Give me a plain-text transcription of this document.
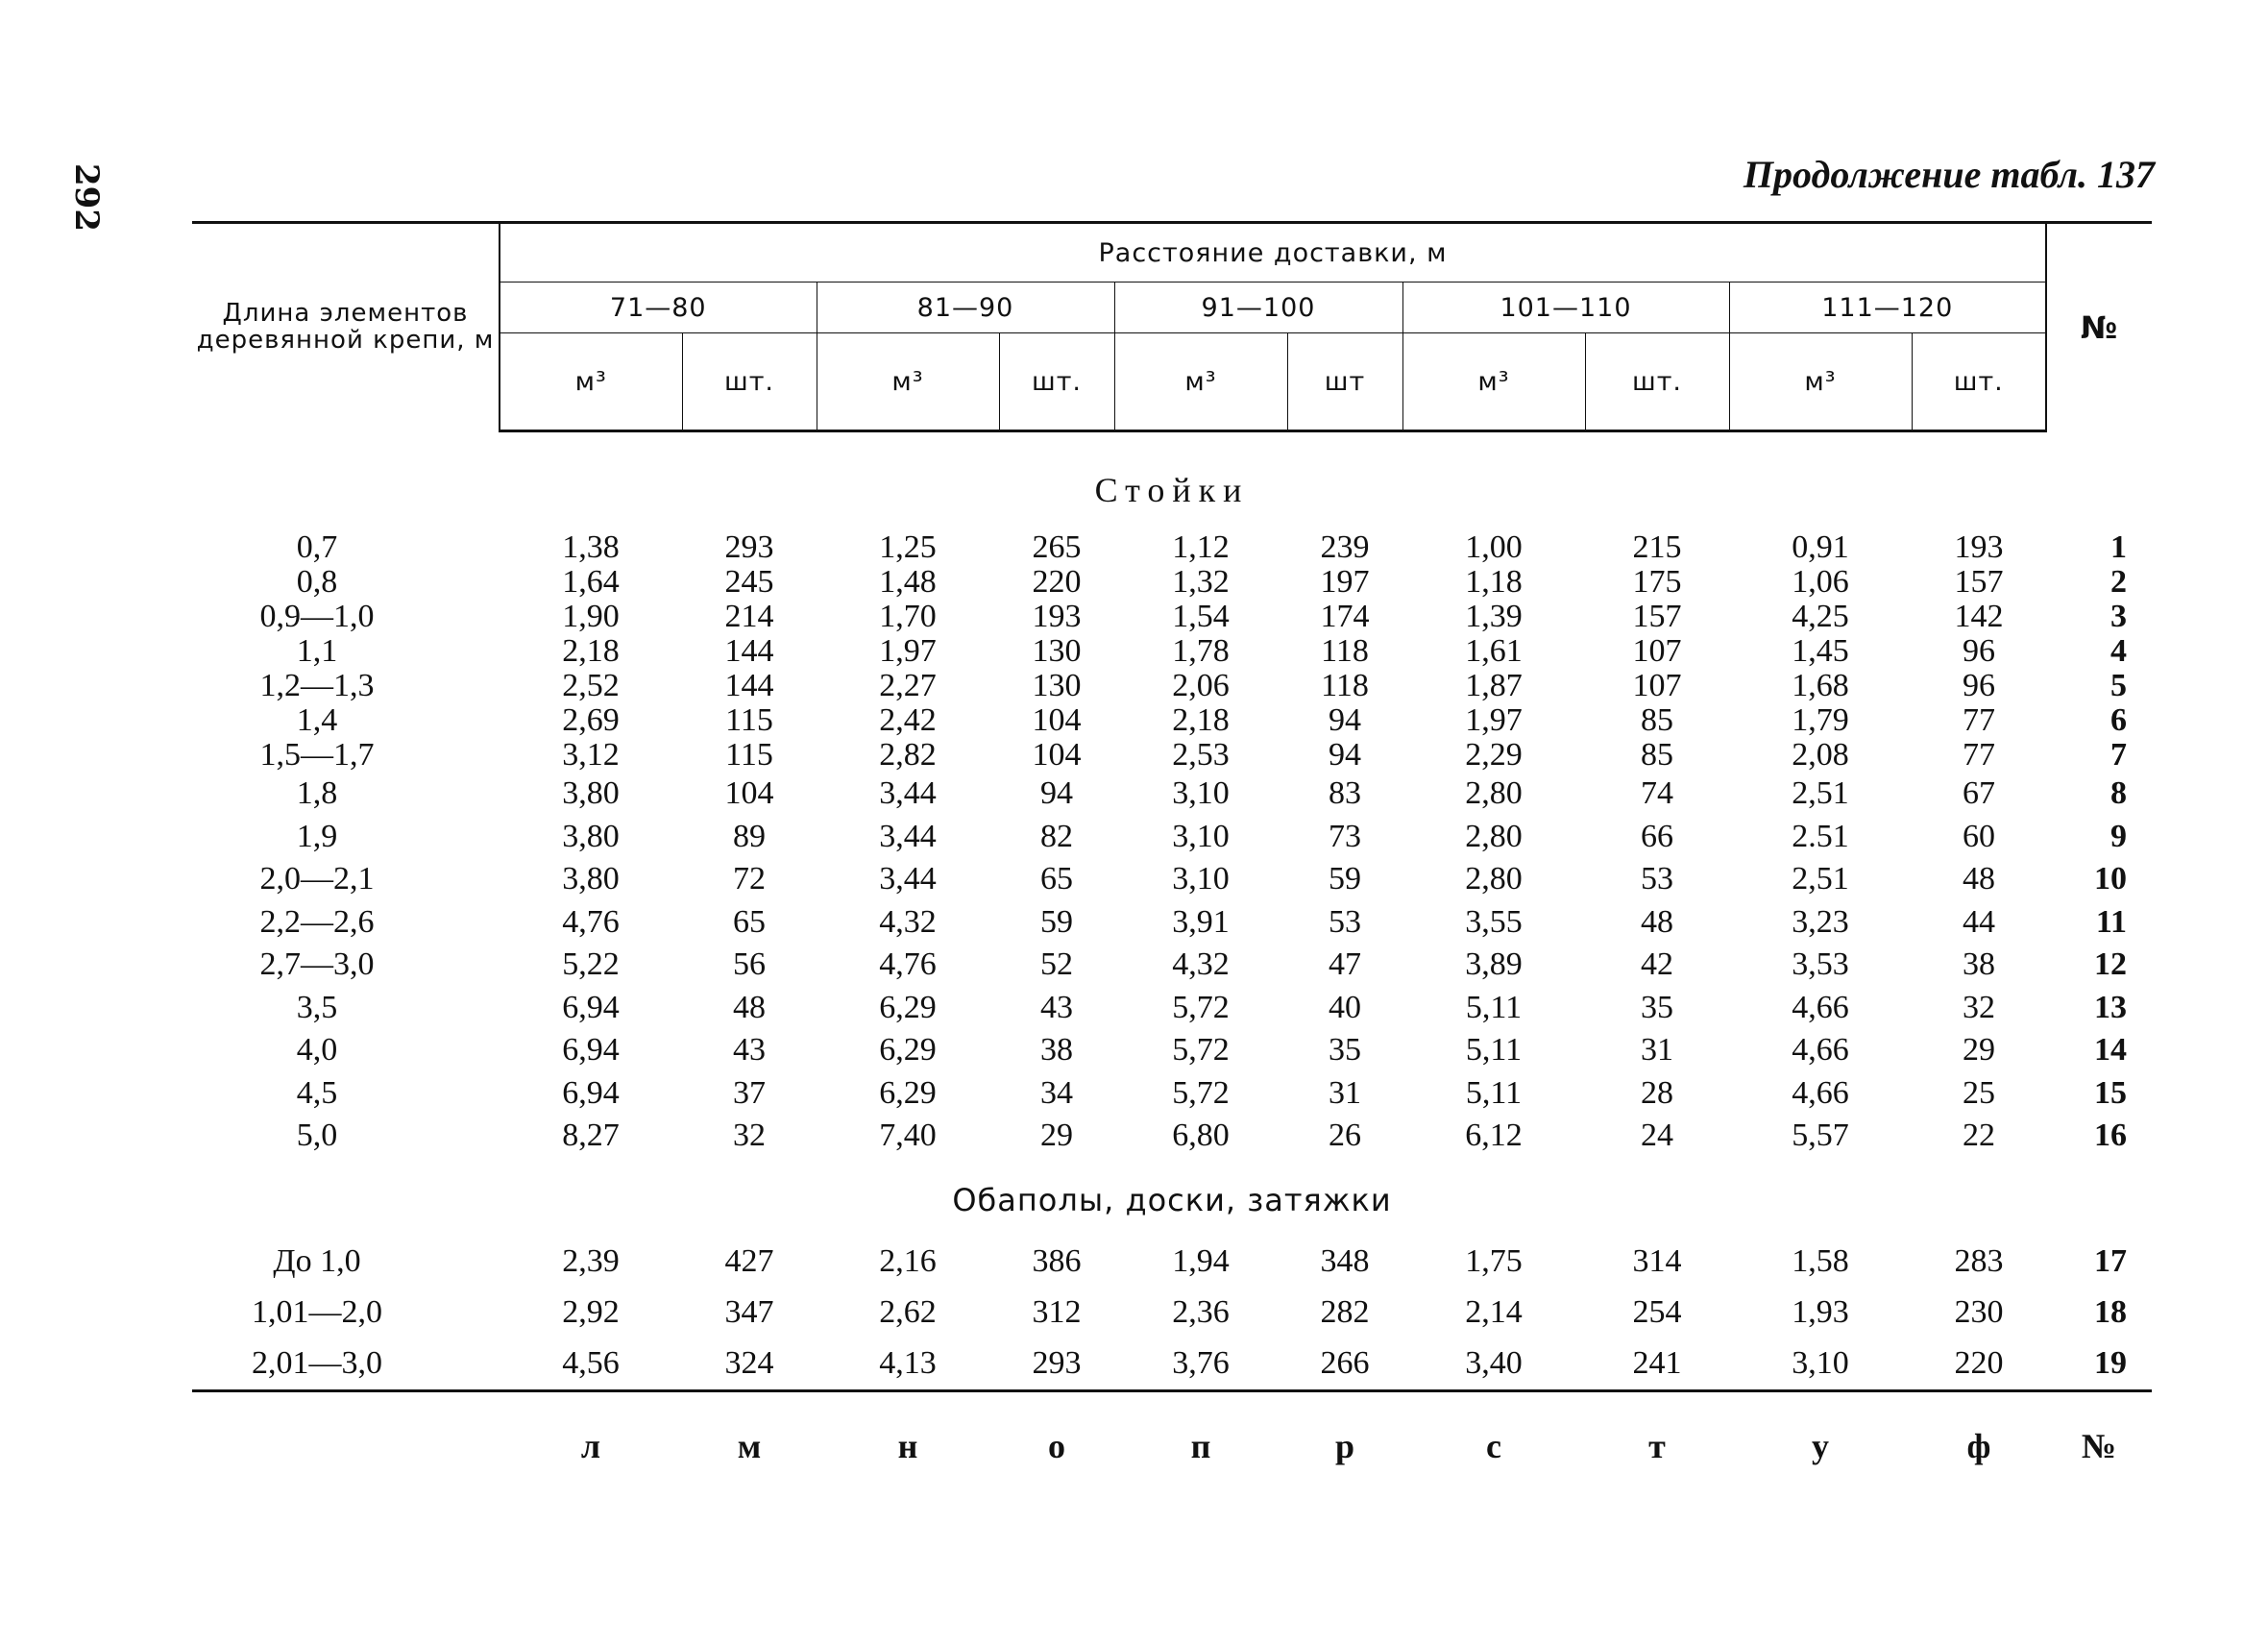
292	Продолжение табл. 137
Длина элементов деревянной крепи, м	Расстояние доставки, м										№
	71—80		81—90		91—100		101—110		111—120		
	м³	шт.	м³	шт.	м³	шт	м³	шт.	м³	шт.	
Стойки											
0,7	1,38	293	1,25	265	1,12	239	1,00	215	0,91	193	1
0,8	1,64	245	1,48	220	1,32	197	1,18	175	1,06	157	2
0,9—1,0	1,90	214	1,70	193	1,54	174	1,39	157	4,25	142	3
1,1	2,18	144	1,97	130	1,78	118	1,61	107	1,45	96	4
1,2—1,3	2,52	144	2,27	130	2,06	118	1,87	107	1,68	96	5
1,4	2,69	115	2,42	104	2,18	94	1,97	85	1,79	77	6
1,5—1,7	3,12	115	2,82	104	2,53	94	2,29	85	2,08	77	7
1,8	3,80	104	3,44	94	3,10	83	2,80	74	2,51	67	8
1,9	3,80	89	3,44	82	3,10	73	2,80	66	2.51	60	9
2,0—2,1	3,80	72	3,44	65	3,10	59	2,80	53	2,51	48	10
2,2—2,6	4,76	65	4,32	59	3,91	53	3,55	48	3,23	44	11
2,7—3,0	5,22	56	4,76	52	4,32	47	3,89	42	3,53	38	12
3,5	6,94	48	6,29	43	5,72	40	5,11	35	4,66	32	13
4,0	6,94	43	6,29	38	5,72	35	5,11	31	4,66	29	14
4,5	6,94	37	6,29	34	5,72	31	5,11	28	4,66	25	15
5,0	8,27	32	7,40	29	6,80	26	6,12	24	5,57	22	16
Обаполы, доски, затяжки											
До 1,0	2,39	427	2,16	386	1,94	348	1,75	314	1,58	283	17
1,01—2,0	2,92	347	2,62	312	2,36	282	2,14	254	1,93	230	18
2,01—3,0	4,56	324	4,13	293	3,76	266	3,40	241	3,10	220	19

	л	м	н	о	п	р	с	т	у	ф	№
